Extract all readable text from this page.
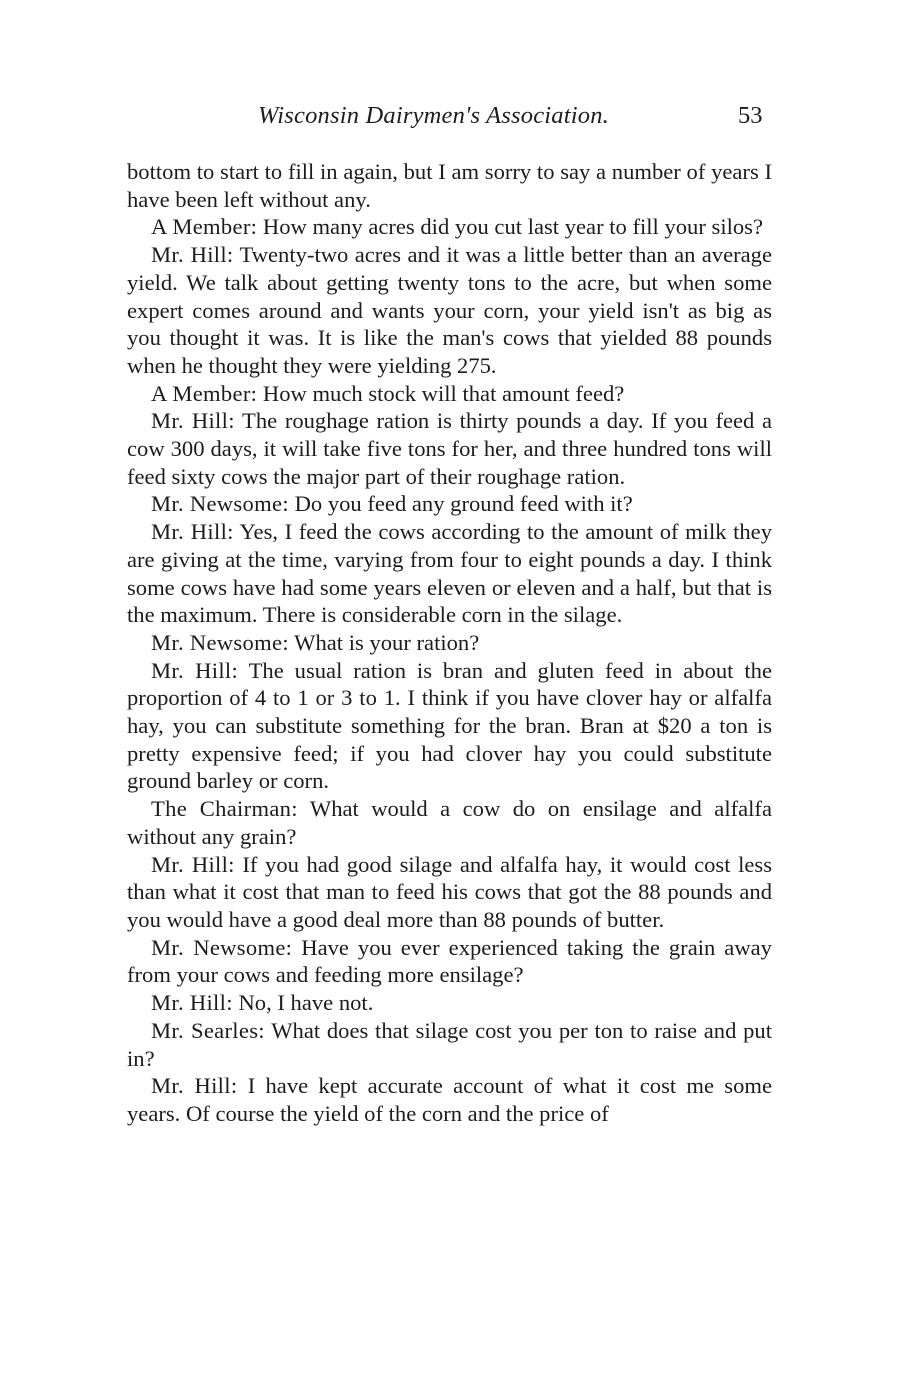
Wisconsin Dairymen's Association.	53

bottom to start to fill in again, but I am sorry to say a number of years I have been left without any.

A Member: How many acres did you cut last year to fill your silos?

Mr. Hill: Twenty-two acres and it was a little better than an average yield. We talk about getting twenty tons to the acre, but when some expert comes around and wants your corn, your yield isn't as big as you thought it was. It is like the man's cows that yielded 88 pounds when he thought they were yielding 275.

A Member: How much stock will that amount feed?

Mr. Hill: The roughage ration is thirty pounds a day. If you feed a cow 300 days, it will take five tons for her, and three hundred tons will feed sixty cows the major part of their roughage ration.

Mr. Newsome: Do you feed any ground feed with it?

Mr. Hill: Yes, I feed the cows according to the amount of milk they are giving at the time, varying from four to eight pounds a day. I think some cows have had some years eleven or eleven and a half, but that is the maximum. There is considerable corn in the silage.

Mr. Newsome: What is your ration?

Mr. Hill: The usual ration is bran and gluten feed in about the proportion of 4 to 1 or 3 to 1. I think if you have clover hay or alfalfa hay, you can substitute something for the bran. Bran at $20 a ton is pretty expensive feed; if you had clover hay you could substitute ground barley or corn.

The Chairman: What would a cow do on ensilage and alfalfa without any grain?

Mr. Hill: If you had good silage and alfalfa hay, it would cost less than what it cost that man to feed his cows that got the 88 pounds and you would have a good deal more than 88 pounds of butter.

Mr. Newsome: Have you ever experienced taking the grain away from your cows and feeding more ensilage?

Mr. Hill: No, I have not.

Mr. Searles: What does that silage cost you per ton to raise and put in?

Mr. Hill: I have kept accurate account of what it cost me some years. Of course the yield of the corn and the price of
